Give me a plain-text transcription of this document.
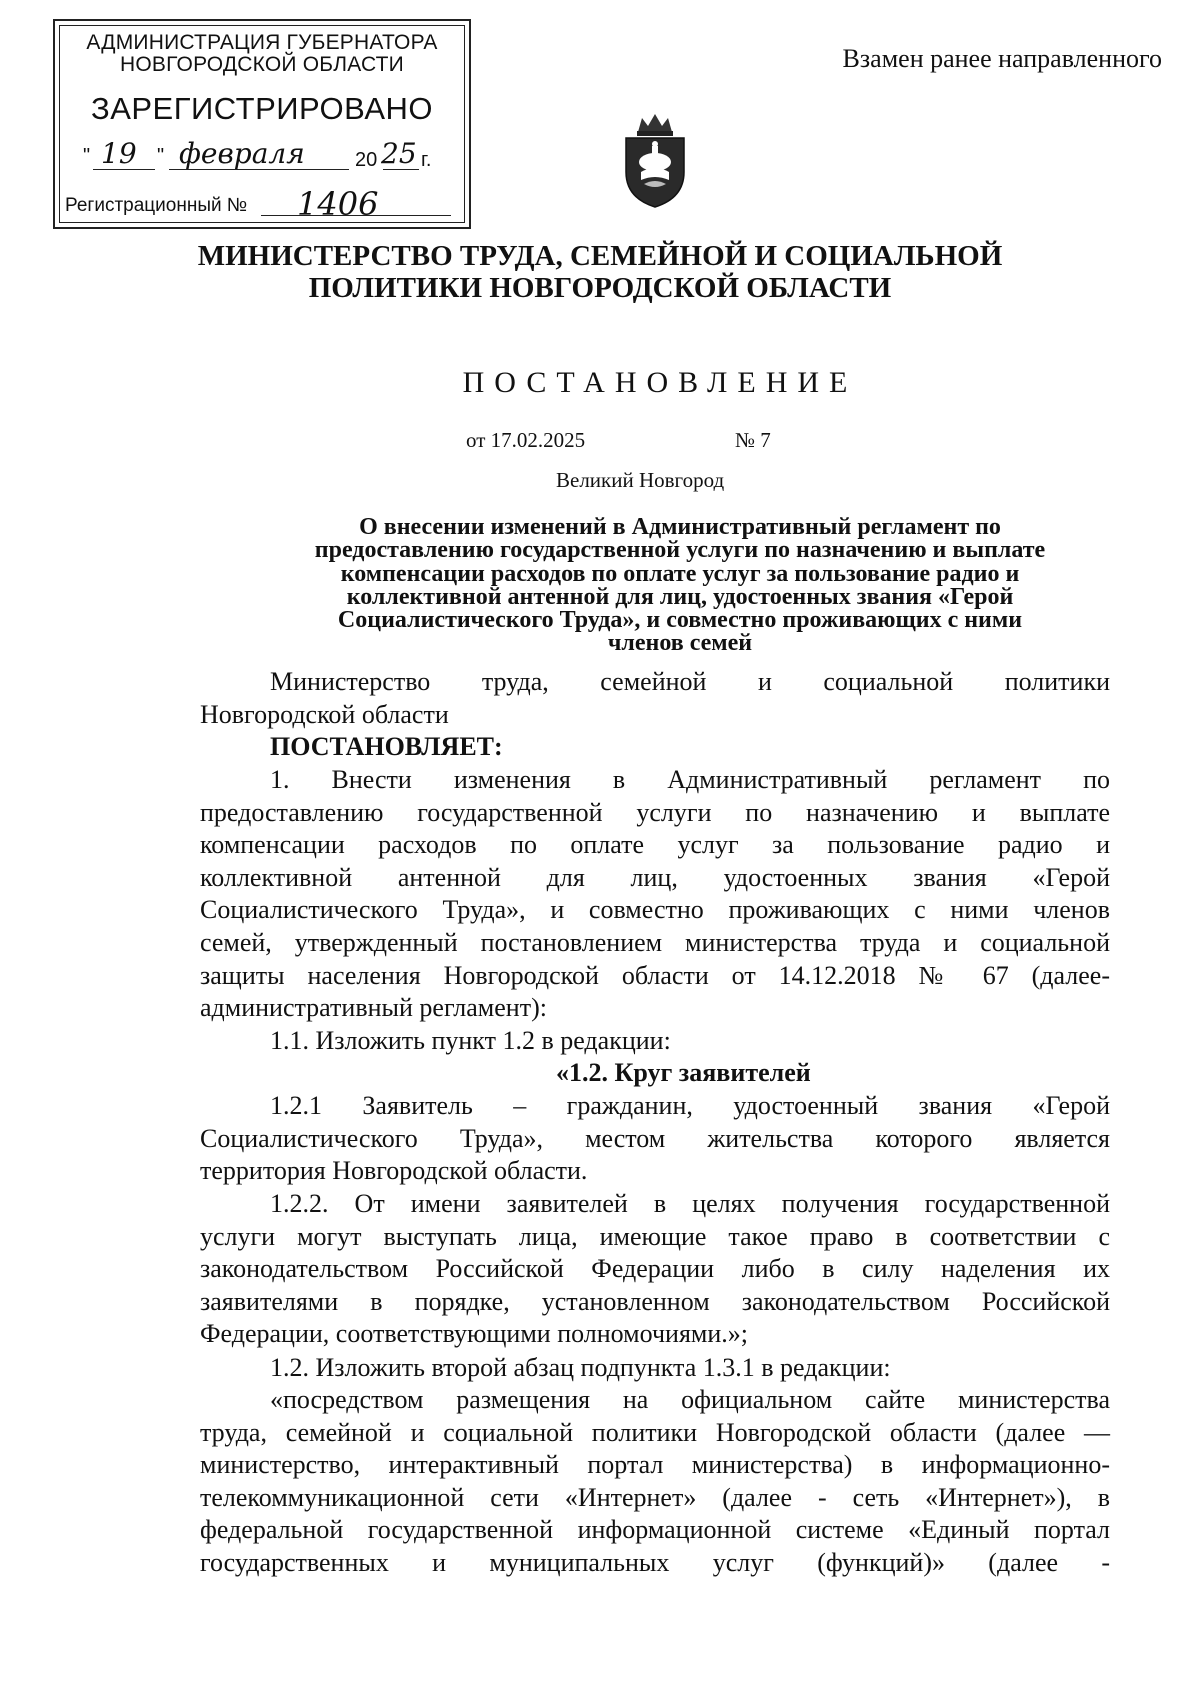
АДМИНИСТРАЦИЯ ГУБЕРНАТОРА
НОВГОРОДСКОЙ ОБЛАСТИ
ЗАРЕГИСТРИРОВАНО
" 19 " февраля	20 25 г.
Регистрационный № 1406
Взамен ранее направленного
МИНИСТЕРСТВО ТРУДА, СЕМЕЙНОЙ И СОЦИАЛЬНОЙ
ПОЛИТИКИ НОВГОРОДСКОЙ ОБЛАСТИ
ПОСТАНОВЛЕНИЕ
от 17.02.2025	№ 7
Великий Новгород
О внесении изменений в Административный регламент по
предоставлению государственной услуги по назначению и выплате
компенсации расходов по оплате услуг за пользование радио и
коллективной антенной для лиц, удостоенных звания «Герой
Социалистического Труда», и совместно проживающих с ними
членов семей
Министерство труда, семейной и социальной политики
Новгородской области
ПОСТАНОВЛЯЕТ:
1. Внести изменения в Административный регламент по
предоставлению государственной услуги по назначению и выплате
компенсации расходов по оплате услуг за пользование радио и
коллективной антенной для лиц, удостоенных звания «Герой
Социалистического Труда», и совместно проживающих с ними членов
семей, утвержденный постановлением министерства труда и социальной
защиты населения Новгородской области от 14.12.2018 № 67 (далее-
административный регламент):
1.1. Изложить пункт 1.2 в редакции:
«1.2. Круг заявителей
1.2.1 Заявитель – гражданин, удостоенный звания «Герой
Социалистического Труда», местом жительства которого является
территория Новгородской области.
1.2.2. От имени заявителей в целях получения государственной
услуги могут выступать лица, имеющие такое право в соответствии с
законодательством Российской Федерации либо в силу наделения их
заявителями в порядке, установленном законодательством Российской
Федерации, соответствующими полномочиями.»;
1.2. Изложить второй абзац подпункта 1.3.1 в редакции:
«посредством размещения на официальном сайте министерства
труда, семейной и социальной политики Новгородской области (далее —
министерство, интерактивный портал министерства) в информационно-
телекоммуникационной сети «Интернет» (далее - сеть «Интернет»), в
федеральной государственной информационной системе «Единый портал
государственных и муниципальных услуг (функций)» (далее -
